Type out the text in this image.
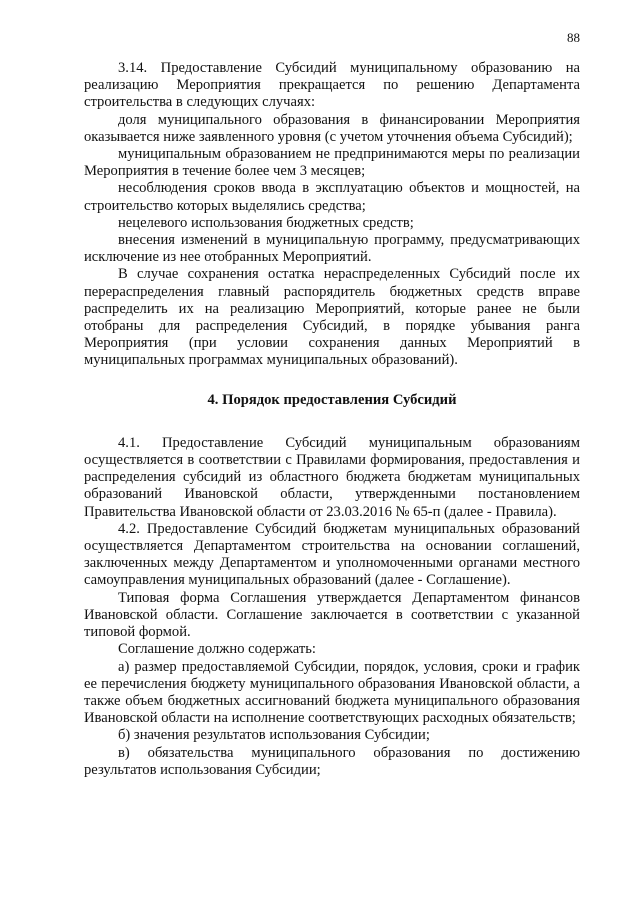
88

3.14. Предоставление Субсидий муниципальному образованию на реализацию Мероприятия прекращается по решению Департамента строительства в следующих случаях:

доля муниципального образования в финансировании Мероприятия оказывается ниже заявленного уровня (с учетом уточнения объема Субсидий);

муниципальным образованием не предпринимаются меры по реализации Мероприятия в течение более чем 3 месяцев;

несоблюдения сроков ввода в эксплуатацию объектов и мощностей, на строительство которых выделялись средства;

нецелевого использования бюджетных средств;

внесения изменений в муниципальную программу, предусматривающих исключение из нее отобранных Мероприятий.

В случае сохранения остатка нераспределенных Субсидий после их перераспределения главный распорядитель бюджетных средств вправе распределить их на реализацию Мероприятий, которые ранее не были отобраны для распределения Субсидий, в порядке убывания ранга Мероприятия (при условии сохранения данных Мероприятий в муниципальных программах муниципальных образований).

4. Порядок предоставления Субсидий

4.1. Предоставление Субсидий муниципальным образованиям осуществляется в соответствии с Правилами формирования, предоставления и распределения субсидий из областного бюджета бюджетам муниципальных образований Ивановской области, утвержденными постановлением Правительства Ивановской области от 23.03.2016 № 65-п (далее - Правила).

4.2. Предоставление Субсидий бюджетам муниципальных образований осуществляется Департаментом строительства на основании соглашений, заключенных между Департаментом и уполномоченными органами местного самоуправления муниципальных образований (далее - Соглашение).

Типовая форма Соглашения утверждается Департаментом финансов Ивановской области. Соглашение заключается в соответствии с указанной типовой формой.

Соглашение должно содержать:

а) размер предоставляемой Субсидии, порядок, условия, сроки и график ее перечисления бюджету муниципального образования Ивановской области, а также объем бюджетных ассигнований бюджета муниципального образования Ивановской области на исполнение соответствующих расходных обязательств;

б) значения результатов использования Субсидии;

в) обязательства муниципального образования по достижению результатов использования Субсидии;
